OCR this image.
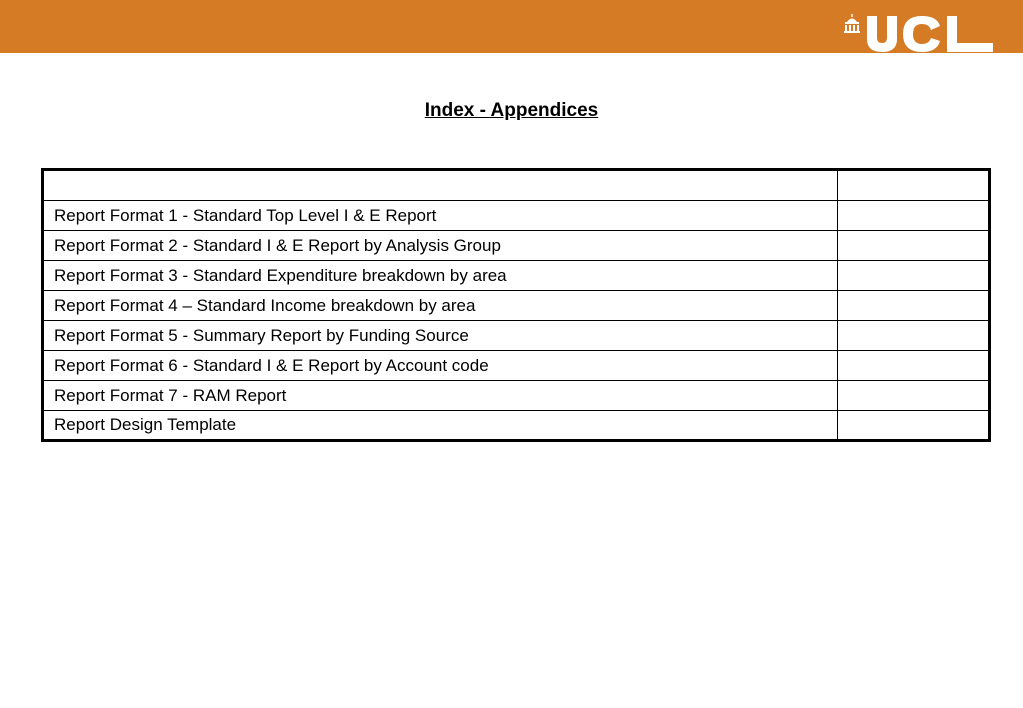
Index - Appendices

Report Format 1 - Standard Top Level I & E Report	
Report Format 2 - Standard I & E Report by Analysis Group	
Report Format 3 - Standard Expenditure breakdown by area	
Report Format 4 – Standard Income breakdown by area	
Report Format 5 - Summary Report by Funding Source	
Report Format 6 - Standard I & E Report by Account code	
Report Format 7 - RAM Report	
Report Design Template	
